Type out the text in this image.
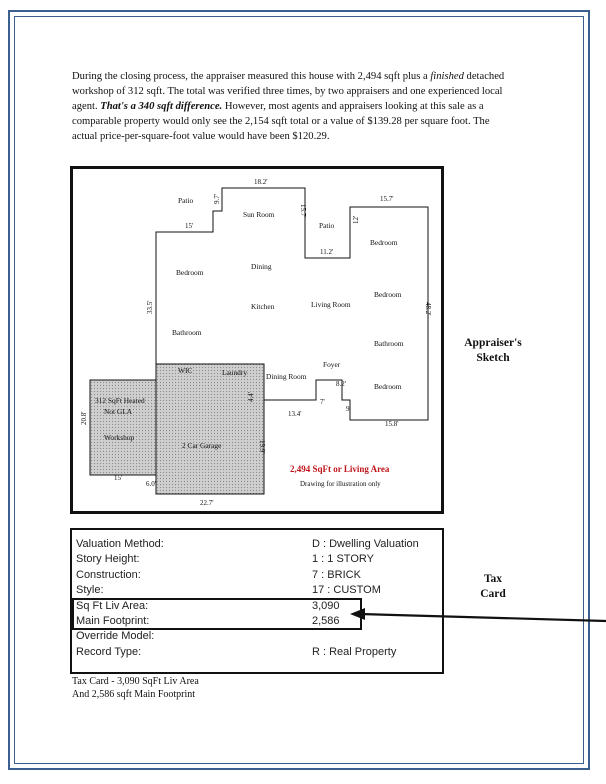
During the closing process, the appraiser measured this house with 2,494 sqft plus a finished detached workshop of 312 sqft. The total was verified three times, by two appraisers and one experienced local agent. That's a 340 sqft difference. However, most agents and appraisers looking at this sale as a comparable property would only see the 2,154 sqft total or a value of $139.28 per square foot. The actual price-per-square-foot value would have been $120.29.
18.2'
9.7'
15.7'
12'
15.7'
15'
11.2'
33.5'	48.2'
8.2'
7'
9'
15.8'
13.4'
4.4'
19.9'
20.8'
15'
6.0'
22.7'
Patio
Sun Room
Patio
Bedroom
Bedroom
Dining
Bedroom
Kitchen	Living Room
Bathroom
Bathroom
WIC	Laundry	Dining Room
Foyer
Bedroom
312 SqFt Heated
Not GLA
Workshop
2 Car Garage
2,494 SqFt or Living Area
Drawing for illustration only
Appraiser's
Sketch
Valuation Method:	D : Dwelling Valuation
Story Height:	1 : 1 STORY
Construction:	7 : BRICK
Style:	17 : CUSTOM
Sq Ft Liv Area:	3,090
Main Footprint:	2,586
Override Model:
Record Type:	R : Real Property
Tax
Card
Tax Card - 3,090 SqFt Liv Area
And 2,586 sqft Main Footprint
